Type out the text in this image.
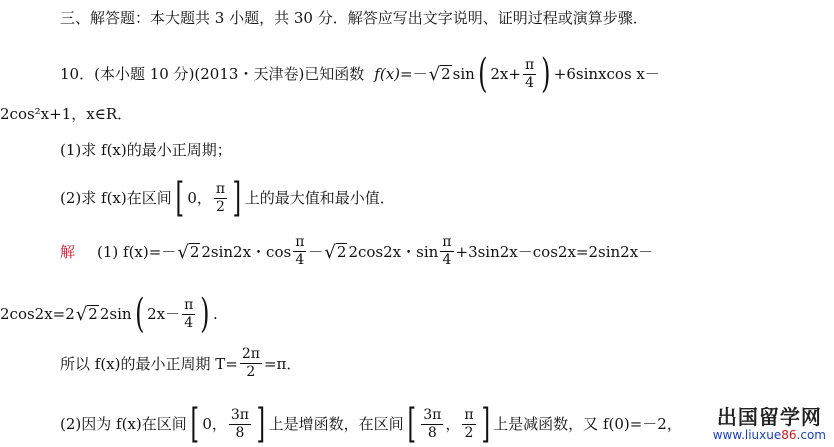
三、解答题：本大题共 3 小题，共 30 分．解答应写出文字说明、证明过程或演算步骤．
10．(本小题 10 分)(2013・天津卷)已知函数 f(x) =－ √ 2 sin ( $2x+ \frac{\pi}{4}$ ) +6sinxcos x－
2cos²x+1，x∈R．
(1)求 f(x)的最小正周期；
(2)求 f(x)在区间 [ 0， $\frac{\pi}{2}$ ] 上的最大值和最小值．
解 (1) f(x)=－ √ 2 2sin2x・$\cos \frac{\pi}{4}$ － √ 2 2cos2x・$\sin \frac{\pi}{4} +3\sin 2x-\cos 2x=2\sin 2x-$
2cos2x=2 √ 2 2sin ( $2x- \frac{\pi}{4}$ ) .
所以 f(x)的最小正周期 $T= \frac{2\pi}{2} =\pi$．
(2)因为 f(x)在区间 [ 0， $\frac{3\pi}{8}$ ] 上是增函数，在区间 [ $\frac{3\pi}{8}$ ， $\frac{\pi}{2}$ ] 上是减函数，又 f(0)=－2， 出国留学网
www.liuxue86.com
